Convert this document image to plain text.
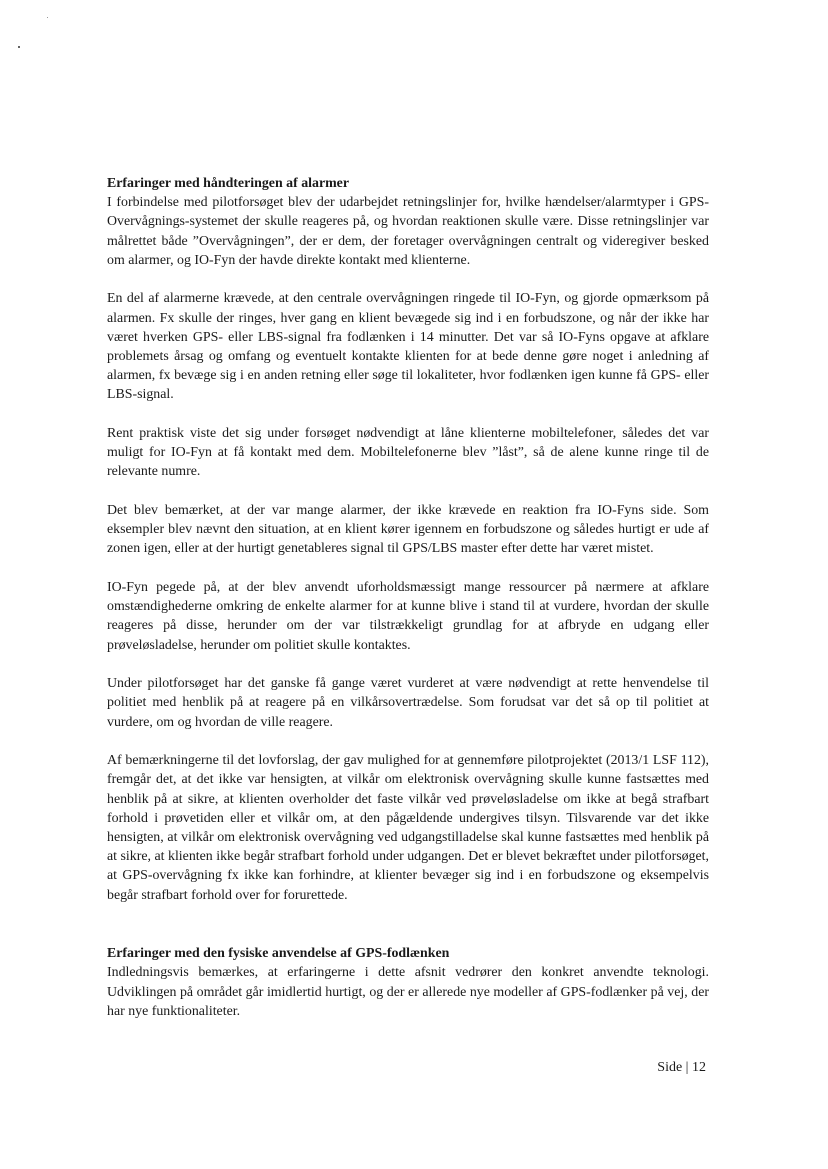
Erfaringer med håndteringen af alarmer

I forbindelse med pilotforsøget blev der udarbejdet retningslinjer for, hvilke hændelser/alarmtyper i GPS-Overvågnings-systemet der skulle reageres på, og hvordan reaktionen skulle være. Disse retningslinjer var målrettet både ”Overvågningen”, der er dem, der foretager overvågningen centralt og videregiver besked om alarmer, og IO-Fyn der havde direkte kontakt med klienterne.

En del af alarmerne krævede, at den centrale overvågningen ringede til IO-Fyn, og gjorde opmærksom på alarmen. Fx skulle der ringes, hver gang en klient bevægede sig ind i en forbudszone, og når der ikke har været hverken GPS- eller LBS-signal fra fodlænken i 14 minutter. Det var så IO-Fyns opgave at afklare problemets årsag og omfang og eventuelt kontakte klienten for at bede denne gøre noget i anledning af alarmen, fx bevæge sig i en anden retning eller søge til lokaliteter, hvor fodlænken igen kunne få GPS- eller LBS-signal.

Rent praktisk viste det sig under forsøget nødvendigt at låne klienterne mobiltelefoner, således det var muligt for IO-Fyn at få kontakt med dem. Mobiltelefonerne blev ”låst”, så de alene kunne ringe til de relevante numre.

Det blev bemærket, at der var mange alarmer, der ikke krævede en reaktion fra IO-Fyns side. Som eksempler blev nævnt den situation, at en klient kører igennem en forbudszone og således hurtigt er ude af zonen igen, eller at der hurtigt genetableres signal til GPS/LBS master efter dette har været mistet.

IO-Fyn pegede på, at der blev anvendt uforholdsmæssigt mange ressourcer på nærmere at afklare omstændighederne omkring de enkelte alarmer for at kunne blive i stand til at vurdere, hvordan der skulle reageres på disse, herunder om der var tilstrækkeligt grundlag for at afbryde en udgang eller prøveløsladelse, herunder om politiet skulle kontaktes.

Under pilotforsøget har det ganske få gange været vurderet at være nødvendigt at rette henvendelse til politiet med henblik på at reagere på en vilkårsovertrædelse. Som forudsat var det så op til politiet at vurdere, om og hvordan de ville reagere.

Af bemærkningerne til det lovforslag, der gav mulighed for at gennemføre pilotprojektet (2013/1 LSF 112), fremgår det, at det ikke var hensigten, at vilkår om elektronisk overvågning skulle kunne fastsættes med henblik på at sikre, at klienten overholder det faste vilkår ved prøveløsladelse om ikke at begå strafbart forhold i prøvetiden eller et vilkår om, at den pågældende undergives tilsyn. Tilsvarende var det ikke hensigten, at vilkår om elektronisk overvågning ved udgangstilladelse skal kunne fastsættes med henblik på at sikre, at klienten ikke begår strafbart forhold under udgangen. Det er blevet bekræftet under pilotforsøget, at GPS-overvågning fx ikke kan forhindre, at klienter bevæger sig ind i en forbudszone og eksempelvis begår strafbart forhold over for forurettede.

Erfaringer med den fysiske anvendelse af GPS-fodlænken

Indledningsvis bemærkes, at erfaringerne i dette afsnit vedrører den konkret anvendte teknologi. Udviklingen på området går imidlertid hurtigt, og der er allerede nye modeller af GPS-fodlænker på vej, der har nye funktionaliteter.

Side | 12
